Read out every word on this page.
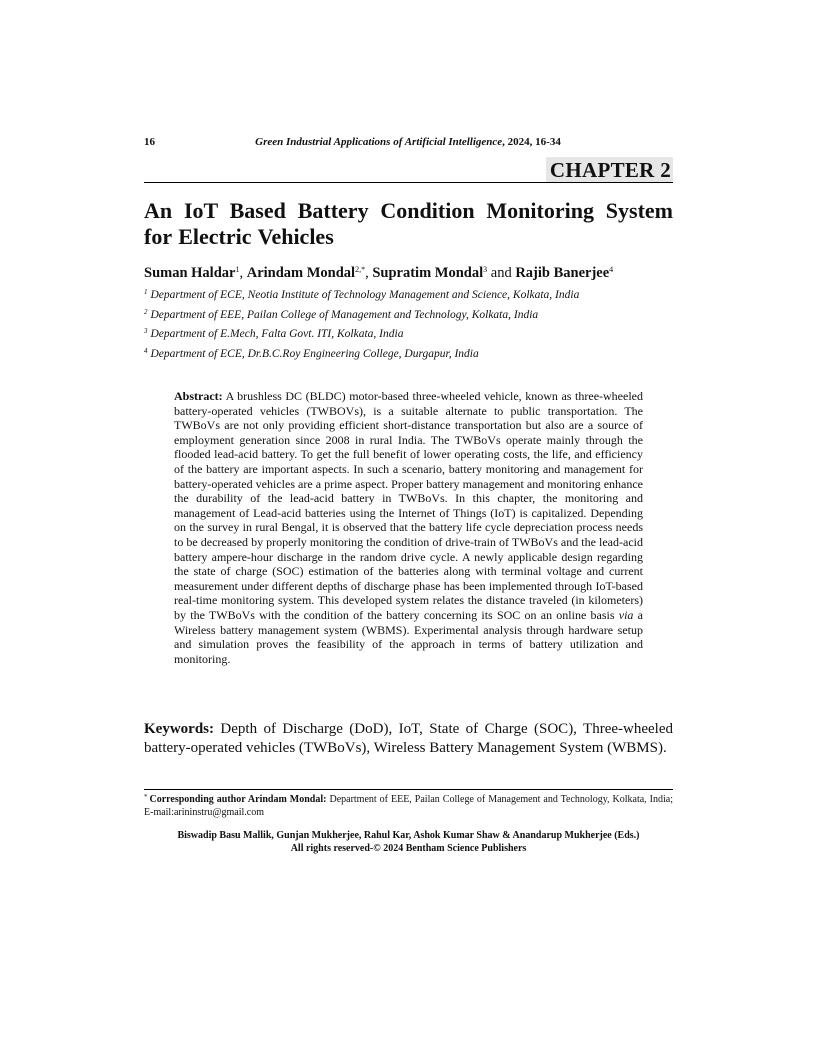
16	Green Industrial Applications of Artificial Intelligence, 2024, 16-34
CHAPTER 2
An IoT Based Battery Condition Monitoring System for Electric Vehicles
Suman Haldar$^1$, Arindam Mondal$^{2,*}$, Supratim Mondal$^3$ and Rajib Banerjee$^4$
$^1$ Department of ECE, Neotia Institute of Technology Management and Science, Kolkata, India
$^2$ Department of EEE, Pailan College of Management and Technology, Kolkata, India
$^3$ Department of E.Mech, Falta Govt. ITI, Kolkata, India
$^4$ Department of ECE, Dr.B.C.Roy Engineering College, Durgapur, India

Abstract: A brushless DC (BLDC) motor-based three-wheeled vehicle, known as three-wheeled battery-operated vehicles (TWBOVs), is a suitable alternate to public transportation. The TWBoVs are not only providing efficient short-distance transportation but also are a source of employment generation since 2008 in rural India. The TWBoVs operate mainly through the flooded lead-acid battery. To get the full benefit of lower operating costs, the life, and efficiency of the battery are important aspects. In such a scenario, battery monitoring and management for battery-operated vehicles are a prime aspect. Proper battery management and monitoring enhance the durability of the lead-acid battery in TWBoVs. In this chapter, the monitoring and management of Lead-acid batteries using the Internet of Things (IoT) is capitalized. Depending on the survey in rural Bengal, it is observed that the battery life cycle depreciation process needs to be decreased by properly monitoring the condition of drive-train of TWBoVs and the lead-acid battery ampere-hour discharge in the random drive cycle. A newly applicable design regarding the state of charge (SOC) estimation of the batteries along with terminal voltage and current measurement under different depths of discharge phase has been implemented through IoT-based real-time monitoring system. This developed system relates the distance traveled (in kilometers) by the TWBoVs with the condition of the battery concerning its SOC on an online basis via a Wireless battery management system (WBMS). Experimental analysis through hardware setup and simulation proves the feasibility of the approach in terms of battery utilization and monitoring.

Keywords: Depth of Discharge (DoD), IoT, State of Charge (SOC), Three-wheeled battery-operated vehicles (TWBoVs), Wireless Battery Management System (WBMS).

* Corresponding author Arindam Mondal: Department of EEE, Pailan College of Management and Technology, Kolkata, India; E-mail:arininstru@gmail.com

Biswadip Basu Mallik, Gunjan Mukherjee, Rahul Kar, Ashok Kumar Shaw & Anandarup Mukherjee (Eds.)
All rights reserved-© 2024 Bentham Science Publishers
